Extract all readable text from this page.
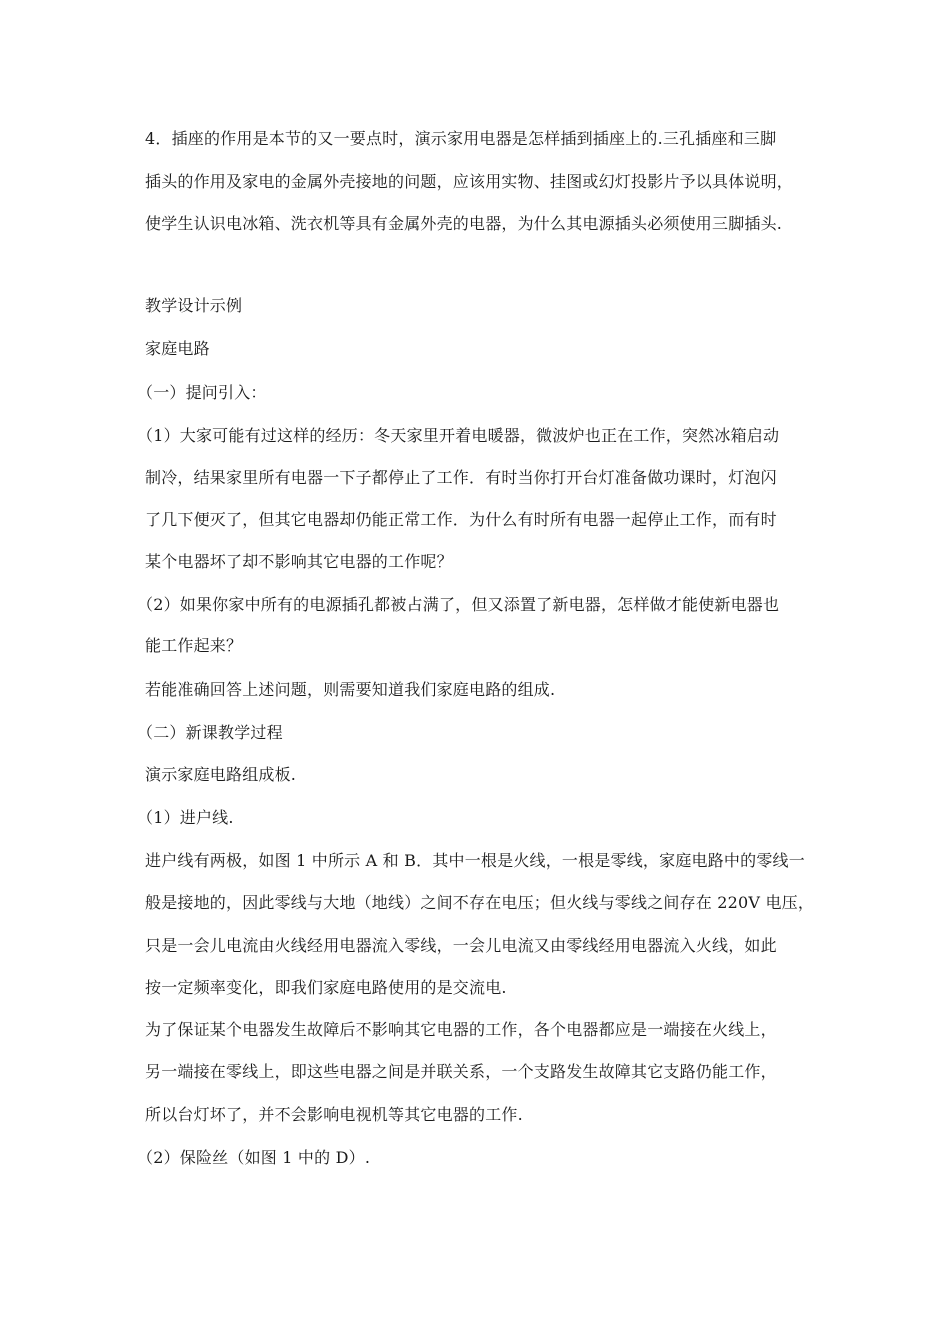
4．插座的作用是本节的又一要点时，演示家用电器是怎样插到插座上的.三孔插座和三脚
插头的作用及家电的金属外壳接地的问题，应该用实物、挂图或幻灯投影片予以具体说明，
使学生认识电冰箱、洗衣机等具有金属外壳的电器，为什么其电源插头必须使用三脚插头.
教学设计示例
家庭电路
（一）提问引入：
（1）大家可能有过这样的经历：冬天家里开着电暖器，微波炉也正在工作，突然冰箱启动
制冷，结果家里所有电器一下子都停止了工作．有时当你打开台灯准备做功课时，灯泡闪
了几下便灭了，但其它电器却仍能正常工作．为什么有时所有电器一起停止工作，而有时
某个电器坏了却不影响其它电器的工作呢？
（2）如果你家中所有的电源插孔都被占满了，但又添置了新电器，怎样做才能使新电器也
能工作起来？
若能准确回答上述问题，则需要知道我们家庭电路的组成.
（二）新课教学过程
演示家庭电路组成板.
（1）进户线.
进户线有两极，如图 1 中所示 A 和 B．其中一根是火线，一根是零线，家庭电路中的零线一
般是接地的，因此零线与大地（地线）之间不存在电压；但火线与零线之间存在 220V 电压，
只是一会儿电流由火线经用电器流入零线，一会儿电流又由零线经用电器流入火线，如此
按一定频率变化，即我们家庭电路使用的是交流电.
为了保证某个电器发生故障后不影响其它电器的工作，各个电器都应是一端接在火线上，
另一端接在零线上，即这些电器之间是并联关系，一个支路发生故障其它支路仍能工作，
所以台灯坏了，并不会影响电视机等其它电器的工作.
（2）保险丝（如图 1 中的 D）.
